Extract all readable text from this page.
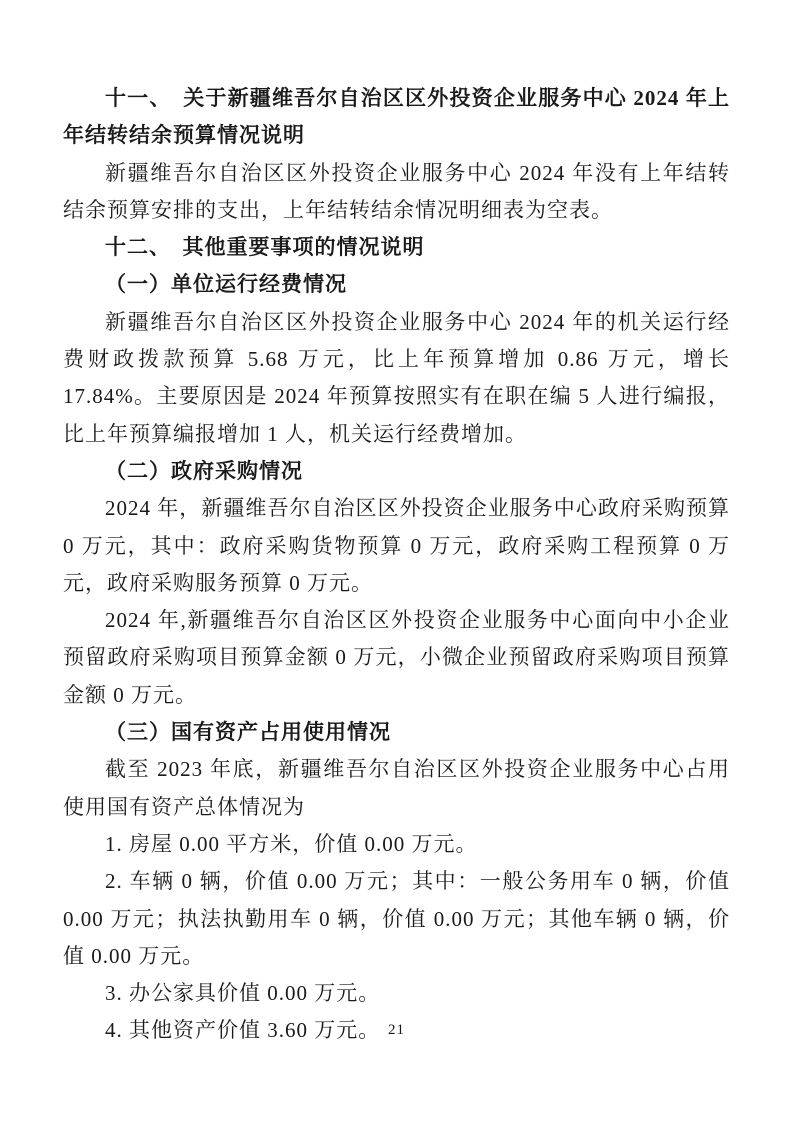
十一、　关于新疆维吾尔自治区区外投资企业服务中心 2024 年上年结转结余预算情况说明

新疆维吾尔自治区区外投资企业服务中心 2024 年没有上年结转结余预算安排的支出，上年结转结余情况明细表为空表。

十二、　其他重要事项的情况说明

（一）单位运行经费情况

新疆维吾尔自治区区外投资企业服务中心 2024 年的机关运行经费财政拨款预算 5.68 万元，比上年预算增加 0.86 万元，增长 17.84%。主要原因是 2024 年预算按照实有在职在编 5 人进行编报，比上年预算编报增加 1 人，机关运行经费增加。

（二）政府采购情况

2024 年，新疆维吾尔自治区区外投资企业服务中心政府采购预算 0 万元，其中：政府采购货物预算 0 万元，政府采购工程预算 0 万元，政府采购服务预算 0 万元。

2024 年,新疆维吾尔自治区区外投资企业服务中心面向中小企业预留政府采购项目预算金额 0 万元，小微企业预留政府采购项目预算金额 0 万元。

（三）国有资产占用使用情况

截至 2023 年底，新疆维吾尔自治区区外投资企业服务中心占用使用国有资产总体情况为

1. 房屋 0.00 平方米，价值 0.00 万元。

2. 车辆 0 辆，价值 0.00 万元；其中：一般公务用车 0 辆，价值 0.00 万元；执法执勤用车 0 辆，价值 0.00 万元；其他车辆 0 辆，价值 0.00 万元。

3. 办公家具价值 0.00 万元。

4. 其他资产价值 3.60 万元。 21
